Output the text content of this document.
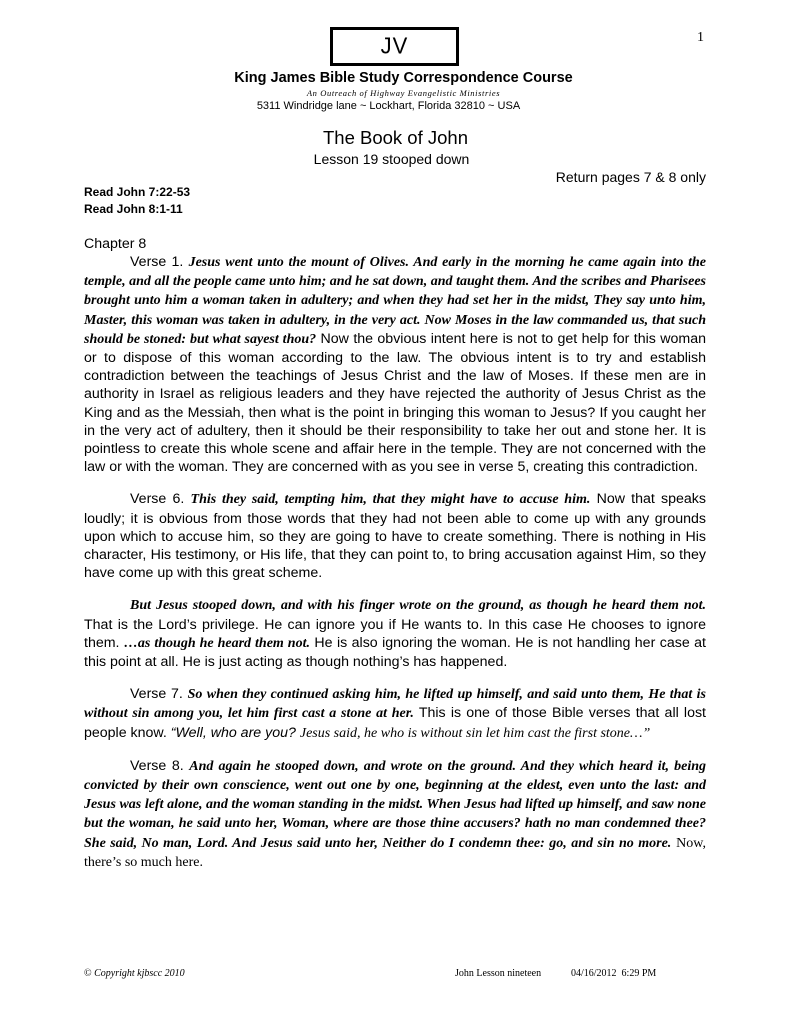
1
JV
King James Bible Study Correspondence Course
An Outreach of Highway Evangelistic Ministries
5311 Windridge lane ~ Lockhart, Florida 32810 ~ USA
The Book of John
Lesson 19 stooped down
Return pages 7 & 8 only
Read John 7:22-53
Read John 8:1-11
Chapter 8

Verse 1. Jesus went unto the mount of Olives. And early in the morning he came again into the temple, and all the people came unto him; and he sat down, and taught them. And the scribes and Pharisees brought unto him a woman taken in adultery; and when they had set her in the midst, They say unto him, Master, this woman was taken in adultery, in the very act. Now Moses in the law commanded us, that such should be stoned: but what sayest thou? Now the obvious intent here is not to get help for this woman or to dispose of this woman according to the law. The obvious intent is to try and establish contradiction between the teachings of Jesus Christ and the law of Moses. If these men are in authority in Israel as religious leaders and they have rejected the authority of Jesus Christ as the King and as the Messiah, then what is the point in bringing this woman to Jesus? If you caught her in the very act of adultery, then it should be their responsibility to take her out and stone her. It is pointless to create this whole scene and affair here in the temple. They are not concerned with the law or with the woman. They are concerned with as you see in verse 5, creating this contradiction.

Verse 6. This they said, tempting him, that they might have to accuse him. Now that speaks loudly; it is obvious from those words that they had not been able to come up with any grounds upon which to accuse him, so they are going to have to create something. There is nothing in His character, His testimony, or His life, that they can point to, to bring accusation against Him, so they have come up with this great scheme.

But Jesus stooped down, and with his finger wrote on the ground, as though he heard them not. That is the Lord’s privilege. He can ignore you if He wants to. In this case He chooses to ignore them. …as though he heard them not. He is also ignoring the woman. He is not handling her case at this point at all. He is just acting as though nothing’s has happened.

Verse 7. So when they continued asking him, he lifted up himself, and said unto them, He that is without sin among you, let him first cast a stone at her. This is one of those Bible verses that all lost people know. “Well, who are you? Jesus said, he who is without sin let him cast the first stone…”

Verse 8. And again he stooped down, and wrote on the ground. And they which heard it, being convicted by their own conscience, went out one by one, beginning at the eldest, even unto the last: and Jesus was left alone, and the woman standing in the midst. When Jesus had lifted up himself, and saw none but the woman, he said unto her, Woman, where are those thine accusers? hath no man condemned thee? She said, No man, Lord. And Jesus said unto her, Neither do I condemn thee: go, and sin no more. Now, there’s so much here.

© Copyright kjbscc 2010	John Lesson nineteen	04/16/2012  6:29 PM
